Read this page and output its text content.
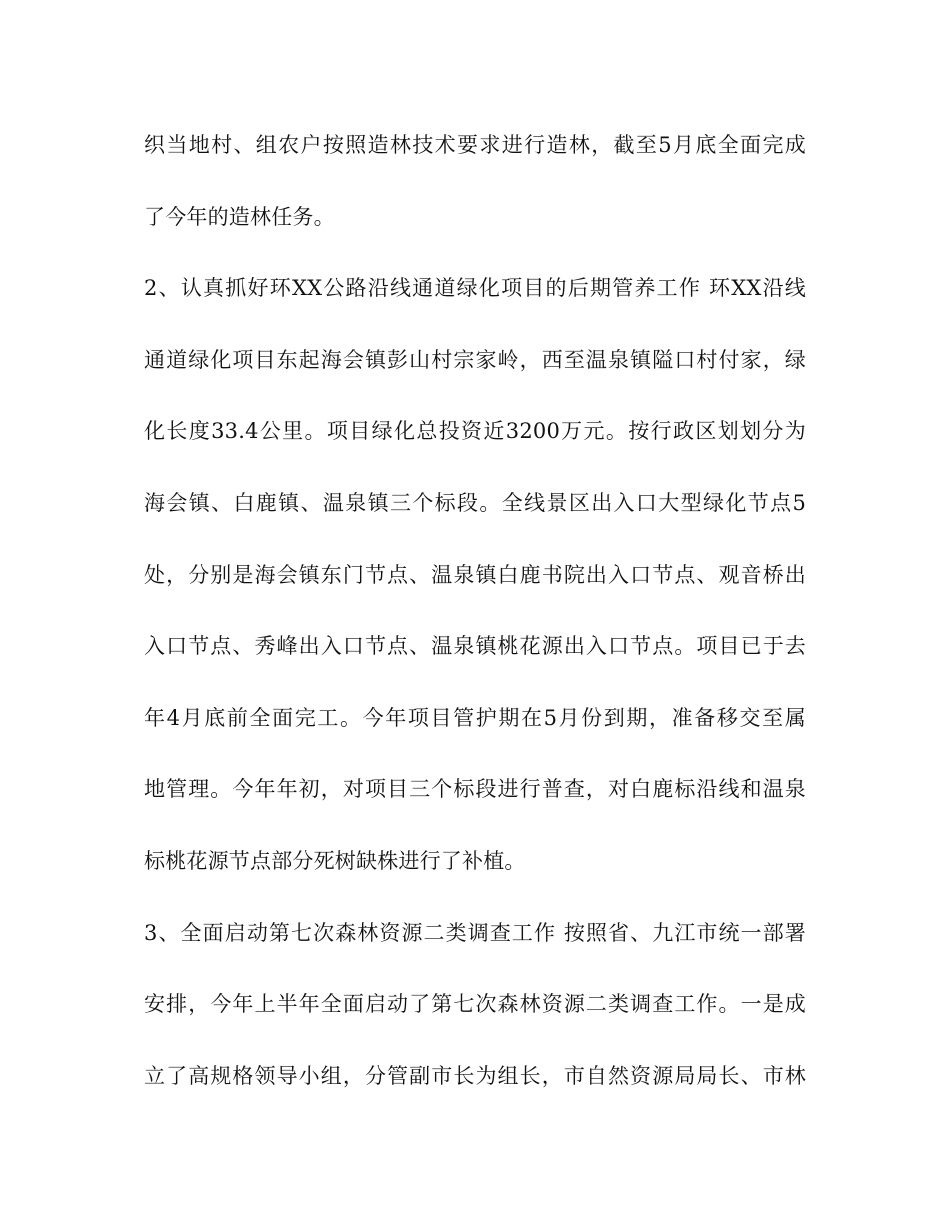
织当地村、组农户按照造林技术要求进行造林，截至5月底全面完成
了今年的造林任务。
2、认真抓好环XX公路沿线通道绿化项目的后期管养工作 环XX沿线
通道绿化项目东起海会镇彭山村宗家岭，西至温泉镇隘口村付家，绿
化长度33.4公里。项目绿化总投资近3200万元。按行政区划划分为
海会镇、白鹿镇、温泉镇三个标段。全线景区出入口大型绿化节点5
处，分别是海会镇东门节点、温泉镇白鹿书院出入口节点、观音桥出
入口节点、秀峰出入口节点、温泉镇桃花源出入口节点。项目已于去
年4月底前全面完工。今年项目管护期在5月份到期，准备移交至属
地管理。今年年初，对项目三个标段进行普查，对白鹿标沿线和温泉
标桃花源节点部分死树缺株进行了补植。
3、全面启动第七次森林资源二类调查工作 按照省、九江市统一部署
安排，今年上半年全面启动了第七次森林资源二类调查工作。一是成
立了高规格领导小组，分管副市长为组长，市自然资源局局长、市林
